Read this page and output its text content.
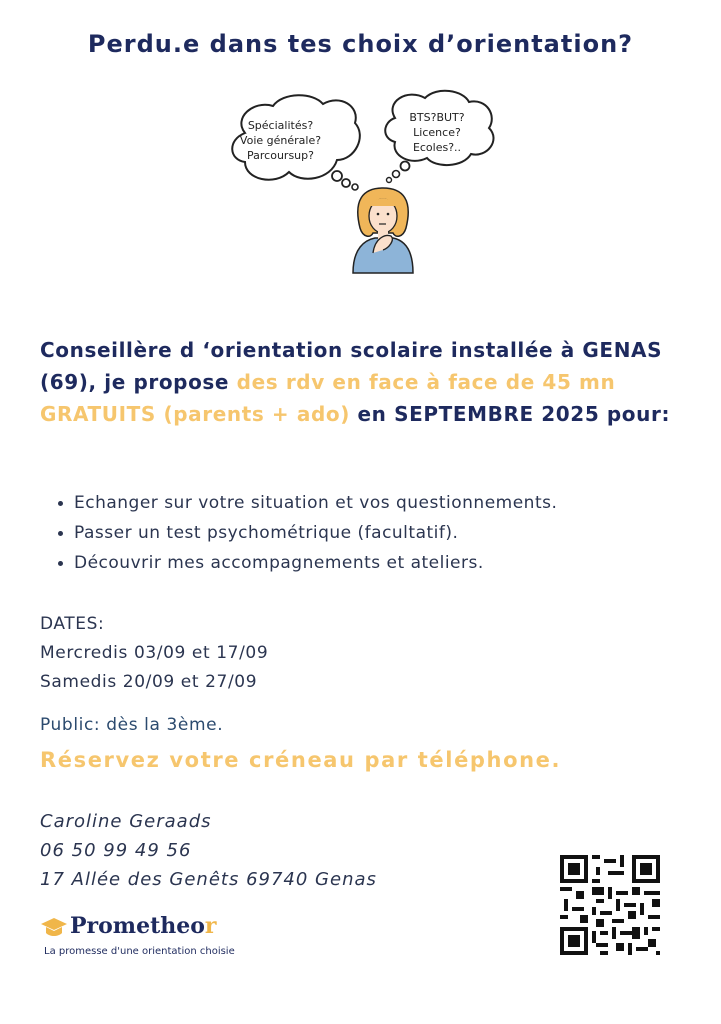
Perdu.e dans tes choix d’orientation?
Spécialités?
Voie générale?
Parcoursup?
BTS?BUT?
Licence?
Ecoles?..
Conseillère d ‘orientation scolaire installée à GENAS (69), je propose des rdv en face à face de 45 mn GRATUITS (parents + ado) en SEPTEMBRE 2025 pour:
Echanger sur votre situation et vos questionnements.
Passer un test psychométrique (facultatif).
Découvrir mes accompagnements et ateliers.
DATES:
Mercredis 03/09 et 17/09
Samedis 20/09 et 27/09
Public: dès la 3ème.
Réservez votre créneau par téléphone.
Caroline Geraads
06 50 99 49 56
17 Allée des Genêts 69740 Genas
Prometheor
La promesse d'une orientation choisie
